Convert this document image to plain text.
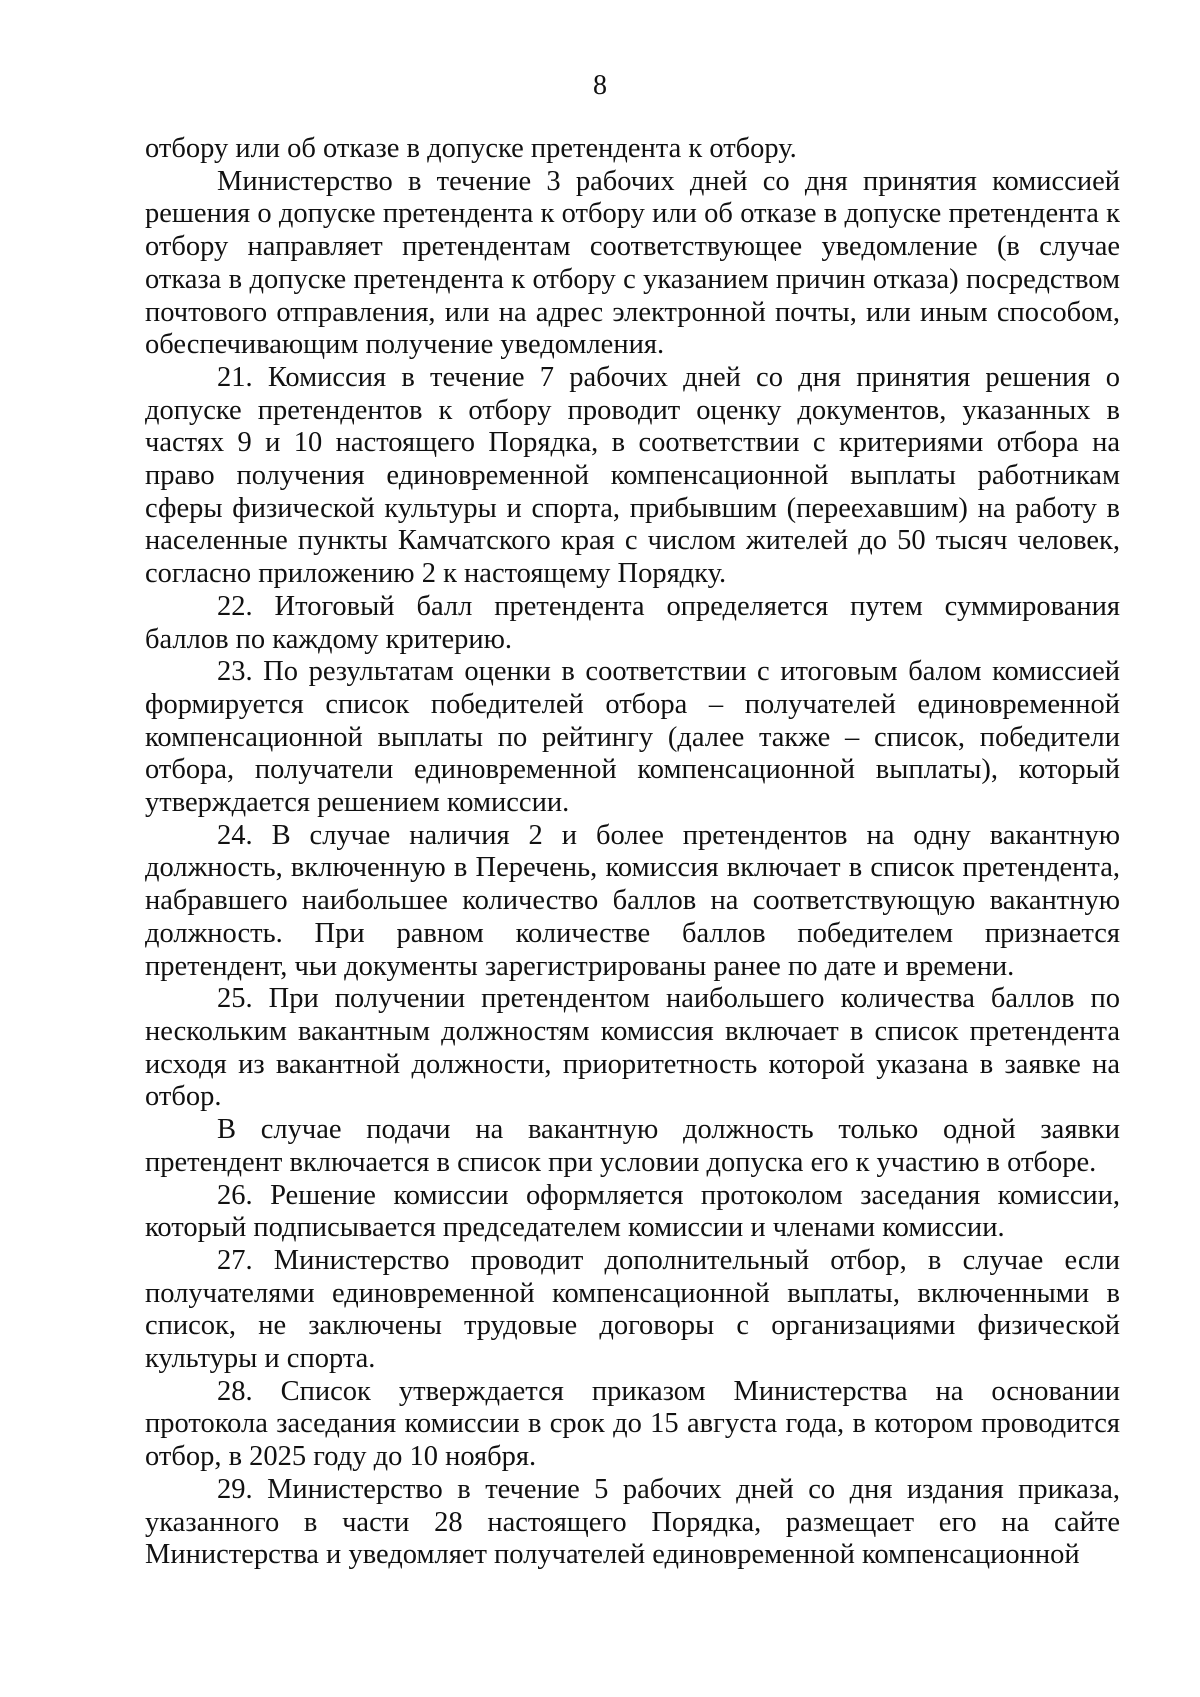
8

отбору или об отказе в допуске претендента к отбору.

Министерство в течение 3 рабочих дней со дня принятия комиссией решения о допуске претендента к отбору или об отказе в допуске претендента к отбору направляет претендентам соответствующее уведомление (в случае отказа в допуске претендента к отбору с указанием причин отказа) посредством почтового отправления, или на адрес электронной почты, или иным способом, обеспечивающим получение уведомления.

21. Комиссия в течение 7 рабочих дней со дня принятия решения о допуске претендентов к отбору проводит оценку документов, указанных в частях 9 и 10 настоящего Порядка, в соответствии с критериями отбора на право получения единовременной компенсационной выплаты работникам сферы физической культуры и спорта, прибывшим (переехавшим) на работу в населенные пункты Камчатского края с числом жителей до 50 тысяч человек, согласно приложению 2 к настоящему Порядку.

22. Итоговый балл претендента определяется путем суммирования баллов по каждому критерию.

23. По результатам оценки в соответствии с итоговым балом комиссией формируется список победителей отбора – получателей единовременной компенсационной выплаты по рейтингу (далее также – список, победители отбора, получатели единовременной компенсационной выплаты), который утверждается решением комиссии.

24. В случае наличия 2 и более претендентов на одну вакантную должность, включенную в Перечень, комиссия включает в список претендента, набравшего наибольшее количество баллов на соответствующую вакантную должность. При равном количестве баллов победителем признается претендент, чьи документы зарегистрированы ранее по дате и времени.

25. При получении претендентом наибольшего количества баллов по нескольким вакантным должностям комиссия включает в список претендента исходя из вакантной должности, приоритетность которой указана в заявке на отбор.

В случае подачи на вакантную должность только одной заявки претендент включается в список при условии допуска его к участию в отборе.

26. Решение комиссии оформляется протоколом заседания комиссии, который подписывается председателем комиссии и членами комиссии.

27. Министерство проводит дополнительный отбор, в случае если получателями единовременной компенсационной выплаты, включенными в список, не заключены трудовые договоры с организациями физической культуры и спорта.

28. Список утверждается приказом Министерства на основании протокола заседания комиссии в срок до 15 августа года, в котором проводится отбор, в 2025 году до 10 ноября.

29. Министерство в течение 5 рабочих дней со дня издания приказа, указанного в части 28 настоящего Порядка, размещает его на сайте Министерства и уведомляет получателей единовременной компенсационной
